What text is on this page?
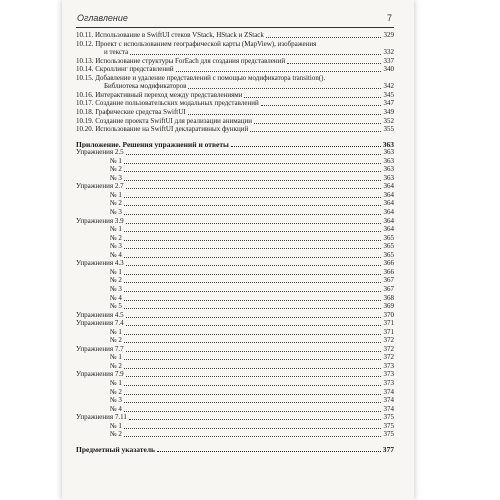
Оглавление	7
10.11. Использование в SwiftUI стеков VStack, HStack и ZStack	329
10.12. Проект с использованием географической карты (MapView), изображения
и текста	332
10.13. Использование структуры ForEach для создания представлений	337
10.14. Скроллинг представлений	340
10.15. Добавление и удаление представлений с помощью модификатора transition().
Библиотека модификаторов	342
10.16. Интерактивный переход между представлениями	345
10.17. Создание пользовательских модальных представлений	347
10.18. Графические средства SwiftUI	349
10.19. Создание проекта SwiftUI для реализации анимации	352
10.20. Использование на SwiftUI декларативных функций	355
Приложение. Решения упражнений и ответы	363
Упражнения 2.5	363
№ 1	363
№ 2	363
№ 3	363
Упражнения 2.7	364
№ 1	364
№ 2	364
№ 3	364
Упражнения 3.9	364
№ 1	364
№ 2	365
№ 3	365
№ 4	365
Упражнения 4.3	366
№ 1	366
№ 2	367
№ 3	367
№ 4	368
№ 5	369
Упражнения 4.5	370
Упражнения 7.4	371
№ 1	371
№ 2	372
Упражнения 7.7	372
№ 1	372
№ 2	373
Упражнения 7.9	373
№ 1	373
№ 2	374
№ 3	374
№ 4	374
Упражнения 7.11	375
№ 1	375
№ 2	375
Предметный указатель	377
